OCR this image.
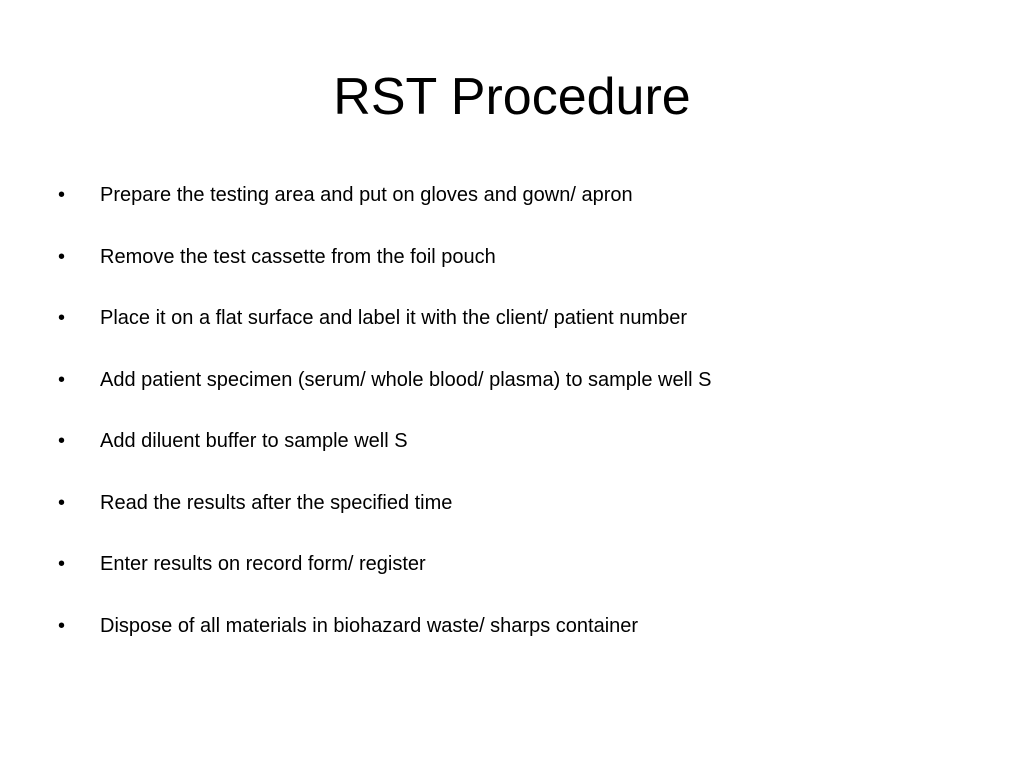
RST Procedure
•	Prepare the testing area and put on gloves and gown/ apron
•	Remove the test cassette from the foil pouch
•	Place it on a flat surface and label it with the client/ patient number
•	Add patient specimen (serum/ whole blood/ plasma) to sample well S
•	Add diluent buffer to sample well S
•	Read the results after the specified time
•	Enter results on record form/ register
•	Dispose of all materials in biohazard waste/ sharps container
